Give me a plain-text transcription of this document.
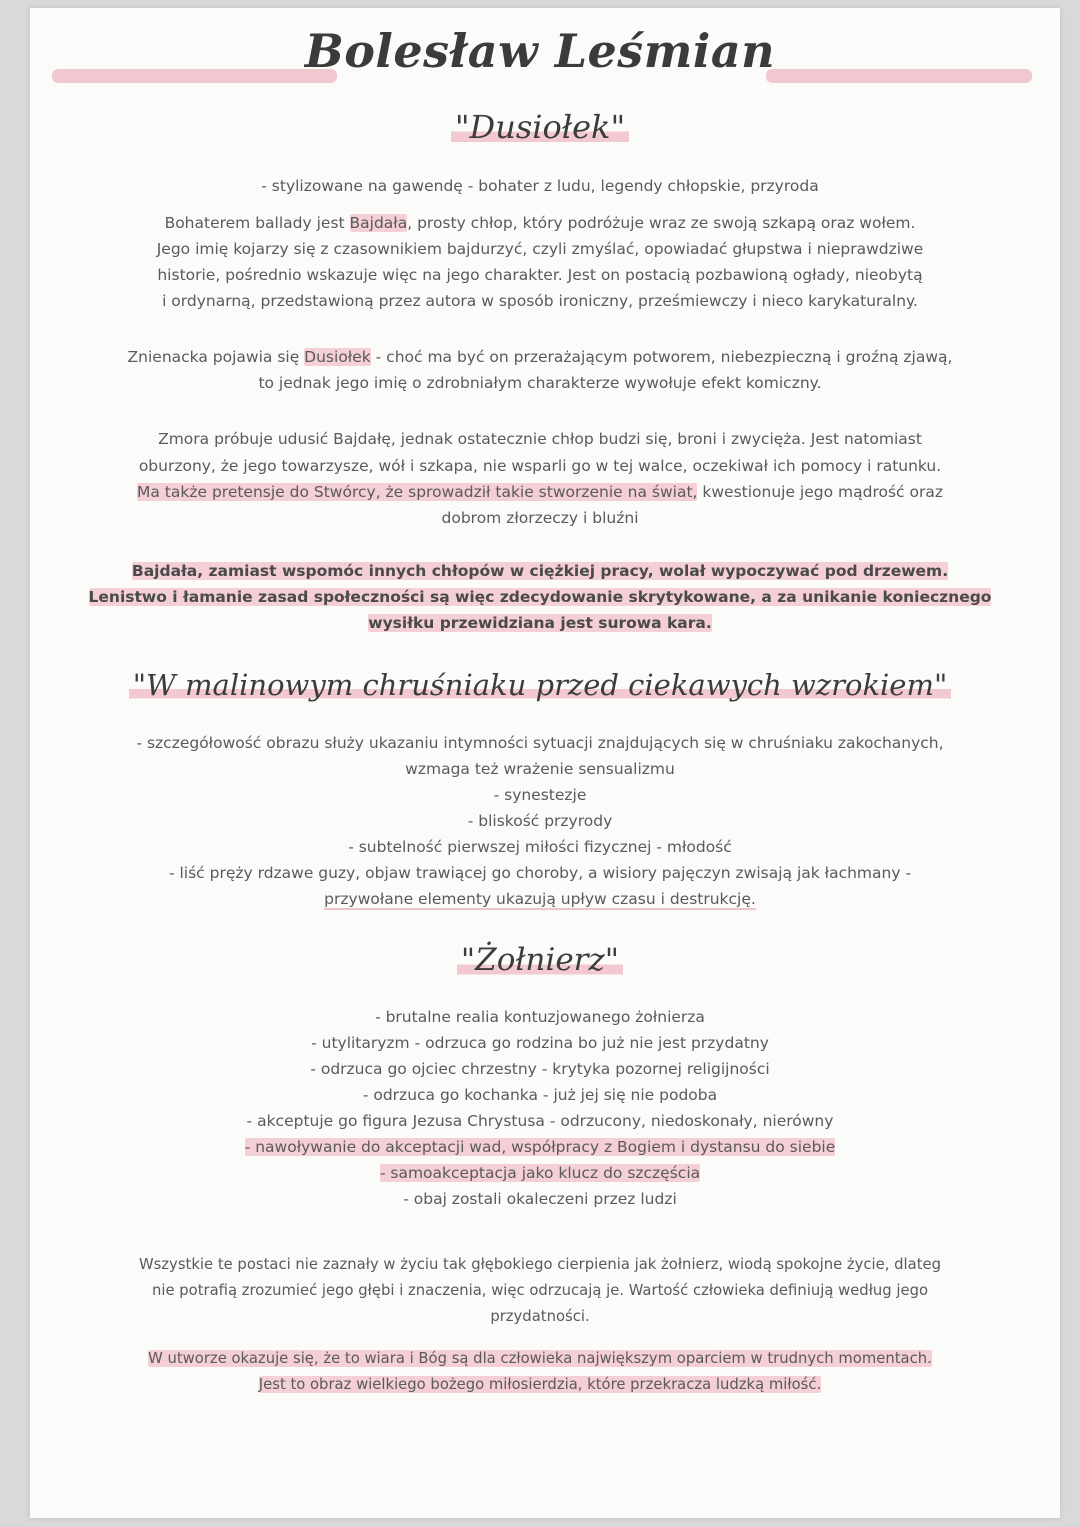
Bolesław Leśmian
"Dusiołek"
- stylizowane na gawendę - bohater z ludu, legendy chłopskie, przyroda
Bohaterem ballady jest Bajdała, prosty chłop, który podróżuje wraz ze swoją szkapą oraz wołem.
Jego imię kojarzy się z czasownikiem bajdurzyć, czyli zmyślać, opowiadać głupstwa i nieprawdziwe
historie, pośrednio wskazuje więc na jego charakter. Jest on postacią pozbawioną ogłady, nieobytą
i ordynarną, przedstawioną przez autora w sposób ironiczny, prześmiewczy i nieco karykaturalny.
Znienacka pojawia się Dusiołek - choć ma być on przerażającym potworem, niebezpieczną i groźną zjawą,
to jednak jego imię o zdrobniałym charakterze wywołuje efekt komiczny.
Zmora próbuje udusić Bajdałę, jednak ostatecznie chłop budzi się, broni i zwycięża. Jest natomiast
oburzony, że jego towarzysze, wół i szkapa, nie wsparli go w tej walce, oczekiwał ich pomocy i ratunku.
Ma także pretensje do Stwórcy, że sprowadził takie stworzenie na świat, kwestionuje jego mądrość oraz
dobrom złorzeczy i bluźni
Bajdała, zamiast wspomóc innych chłopów w ciężkiej pracy, wolał wypoczywać pod drzewem.
Lenistwo i łamanie zasad społeczności są więc zdecydowanie skrytykowane, a za unikanie koniecznego
wysiłku przewidziana jest surowa kara.
"W malinowym chruśniaku przed ciekawych wzrokiem"
- szczegółowość obrazu służy ukazaniu intymności sytuacji znajdujących się w chruśniaku zakochanych,
wzmaga też wrażenie sensualizmu
- synestezje
- bliskość przyrody
- subtelność pierwszej miłości fizycznej - młodość
- liść pręży rdzawe guzy, objaw trawiącej go choroby, a wisiory pajęczyn zwisają jak łachmany -
przywołane elementy ukazują upływ czasu i destrukcję.
"Żołnierz"
- brutalne realia kontuzjowanego żołnierza
- utylitaryzm - odrzuca go rodzina bo już nie jest przydatny
- odrzuca go ojciec chrzestny - krytyka pozornej religijności
- odrzuca go kochanka - już jej się nie podoba
- akceptuje go figura Jezusa Chrystusa - odrzucony, niedoskonały, nierówny
- nawoływanie do akceptacji wad, współpracy z Bogiem i dystansu do siebie
- samoakceptacja jako klucz do szczęścia
- obaj zostali okaleczeni przez ludzi
Wszystkie te postaci nie zaznały w życiu tak głębokiego cierpienia jak żołnierz, wiodą spokojne życie, dlateg
nie potrafią zrozumieć jego głębi i znaczenia, więc odrzucają je. Wartość człowieka definiują według jego
przydatności.
W utworze okazuje się, że to wiara i Bóg są dla człowieka największym oparciem w trudnych momentach.
Jest to obraz wielkiego bożego miłosierdzia, które przekracza ludzką miłość.
